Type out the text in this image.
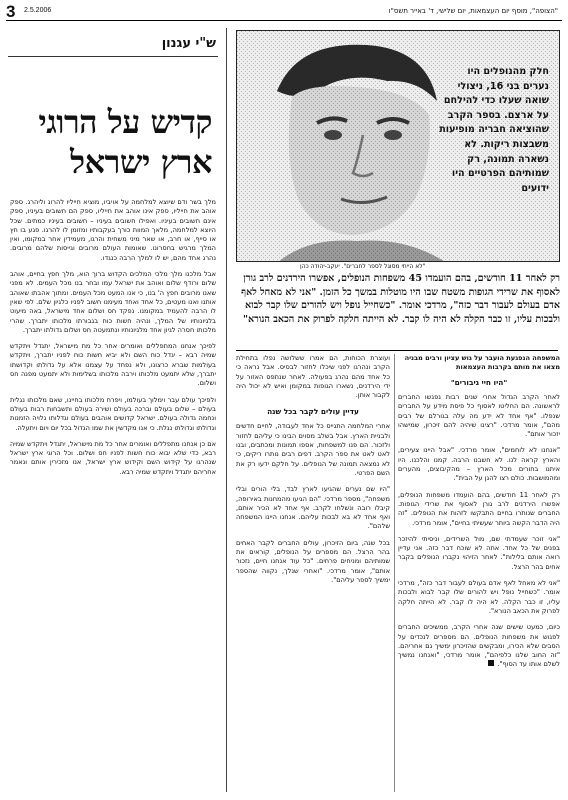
3 2.5.2006	"הצופה", מוסף יום העצמאות, יום שלישי, ד' באייר תשס"ו
ש"י עגנון
קדיש על הרוגי ארץ ישראל

מלך בשר ודם שיוצא למלחמה על אויביו, מוציא חייליו להרוג וליהרג. ספק אוהב את חייליו, ספק אינו אוהב את חייליו, ספק הם חשובים בעיניו, ספק אינם חשובים בעיניו. ואפילו חשובים בעיניו – חשובים בעיניו כמתים. שכל היוצא למלחמה, מלאך המוות כורך בעקבותיו ומזומן לו להרגו. פגע בו חץ או סייף, או חרב, או שאר מיני משחית והרגו, מעמידין אחר במקומו, ואין המלך מרגיש בחסרונו. שאומות העולם מרובים וגייסות שלהם מרובים. נהרג אחד מהם, יש לו למלך הרבה כנגדו.

אבל מלכנו מלך מלכי המלכים הקדוש ברוך הוא, מלך חפץ בחיים, אוהב שלום ורודף שלום ואוהב את ישראל עמו ובחר בנו מכל העמים. לא מפני שאנו מרובים חפץ ה' בנו, כי אנו המעט מכל העמים. ומתוך אהבתו שאוהב אותנו ואנו מעטים, כל אחד ואחד מעימנו חשוב לפניו כלגיון שלם. לפי שאין לו הרבה להעמיד במקומנו. נפקד חס ושלום אחד מישראל, באה מיעוט בלגיונותיו של המלך, ונהיה חשות כוח בגבורתו מלכותו יתברך. שהרי מלכותו חסרה לגיון אחד מלגיונותיו ונתמעטה חס ושלום גדולתו יתברך.

לפיכך אנחנו המתפללים ואומרים אחר כל מת מישראל, יתגדל ויתקדש שמיה רבא – יגדל כוח השם ולא יביא חשות כוח לפניו יתברך, ויתקדש בעולמות שברא כרצונו, ולא נפחד על עצמנו אלא על גדולתו וקדושתו יתברך, שלא יתמעט מלכותו וירבה מלכותו בשלימות ולא יתמעט מפנה חס ושלום.

ולפיכך עולם עבר וימלוך בעולמו, ויפרח מלכותו בחיינו, שאם מלכותו נגלית בעולם – שלום בעולם וברכה בעולם ושירה בעולם ותשבחות רבות בעולם ונחמה גדולה בעולם. ישראל קדושים אוהבים בעולם וגדלותו גלויה הזמנות וגדולתו וגדולתו נגלת. כי אנו מקדשין את שמו הגדול בכל יום ויום ויתעלה.

אם כן אנחנו מתפללים ואומרים אחר כל מת מישראל, יתגדל ויתקדש שמיה רבא, כדי שלא יבוא כוח חשות לפניו חס ושלום. וכל הרוגי ארץ ישראל שנהרגו על קידוש השם וקידוש ארץ ישראל, אנו מזכירין אותם ונאמר אחריהם יתגדל ויתקדש שמיה רבא.

חלק מהנופלים היו נערים בני 16, ניצולי שואה שעלו כדי להילחם על ארצם. בספר הקרב שהוציאה חבריה מופיעות משבצות ריקות. לא נשארה תמונה, רק שמותיהם הפרטיים היו ידועים
"לא הייתי מסוגל לספר לחברים". יעקב-יהודה כהן
רק לאחר 11 חודשים, בהם הועמדו 45 משפחות הנופלים, אפשרו הירדנים לרב גורן לאסוף את שרידי הגופות משטח שבו היו מוטלות במשך כל הזמן. "אני לא מאחל לאף אדם בעולם לעבור דבר כזה", מרדכי אומר. "כשחייל נופל ויש להורים שלו קבר לבוא ולבכות עליו, זו כבר הקלה לא היה לו קבר. לא הייתה חלקה לפרוק את הכאב הנורא"

ועוצרת הכוחות, הם אמרו ששלושה נפלו בתחילת הקרב ונהרגו לפני שיכלו לחזור לבסיס. אבל נראה כי כל אחד מהם נהרג בפעולה. לאחר שנתפס האזור על ידי הירדנים, נשארו הגופות במקומן ואיש לא יכול היה לקבור אותן.

עדיין עולים לקבר בכל שנה

אחרי המלחמה התגייס כל אחד לעבודה, לחיים חדשים ולבניית הארץ. אבל בשלב מסוים הבינו כי עליהם לחזור ולזכור. הם פנו למשפחות, אספו תמונות ומכתבים, ובנו לאט לאט את ספר הקרב. דפים רבים נותרו ריקים, כי לא נמצאה תמונה של הנופלים. על חלקם ידעו רק את השם הפרטי.

"היו שם נערים שהגיעו לארץ לבד, בלי הורים ובלי משפחה", מספר מרדכי. "הם הגיעו מהמחנות באירופה, קיבלו רובה ונשלחו לקרב. אף אחד לא הכיר אותם, ואף אחד לא בא לבכות עליהם. אנחנו היינו המשפחה שלהם".

בכל שנה, ביום הזיכרון, עולים החברים לקבר האחים בהר הרצל. הם מספרים על הנופלים, קוראים את שמותיהם ומניחים פרחים. "כל עוד אנחנו חיים, נזכור אותם", אומר מרדכי. "ואחרי שנלך, נקווה שהספר ימשיך לספר עליהם".

המשפחה הנפגעת הועבר על גוש עציון ורבים מבניה מצאו את מותם בקרבות העצמאות

"היו חיי גיבורים"

לאחר הקרב הגדול אחרי שנים רבות נפגשו החברים לראשונה. הם החליטו לאסוף כל פיסת מידע על החברים שנפלו. "אף אחד לא ידע מה עלה בגורלם של רבים מהם", אומר מרדכי. "רצינו שיהיה להם זיכרון, שמישהו יזכור אותם".

"אנחנו לא לוחמים", אומר מרדכי. "אבל היינו צעירים, והארץ קראה לנו. לא חשבנו הרבה. קמנו והלכנו. היו איתנו בחורים מכל הארץ – מהקיבוצים, מהערים ומהמושבות. כולם רצו להגן על הבית".

רק לאחר 11 חודשים, בהם הועמדו משפחות הנופלים, אפשרו הירדנים לרב גורן לאסוף את שרידי הגופות. החברים שנותרו בחיים התבקשו לזהות את הנופלים. "זה היה הדבר הקשה ביותר שעשיתי בחיים", אומר מרדכי.

"אני זוכר שעמדתי שם, מול השרידים, וניסיתי להיזכר בפנים של כל אחד. אתה לא שוכח דבר כזה. אני עדיין רואה אותם בלילות". לאחר הזיהוי נקברו הנופלים בקבר אחים בהר הרצל.

"אני לא מאחל לאף אדם בעולם לעבור דבר כזה", מרדכי אומר. "כשחייל נופל ויש להורים שלו קבר לבוא ולבכות עליו, זו כבר הקלה. לא היה לו קבר. לא הייתה חלקה לפרוק את הכאב הנורא".

כיום, כמעט שישים שנה אחרי הקרב, ממשיכים החברים לפגוש את משפחות הנופלים. הם מספרים לנכדים על הסבים שלא הכירו, ומבקשים שהזיכרון ימשיך גם אחריהם. "זה החוב שלנו כלפיהם", אומר מרדכי, "ואנחנו נמשיך לשלם אותו עד הסוף".
